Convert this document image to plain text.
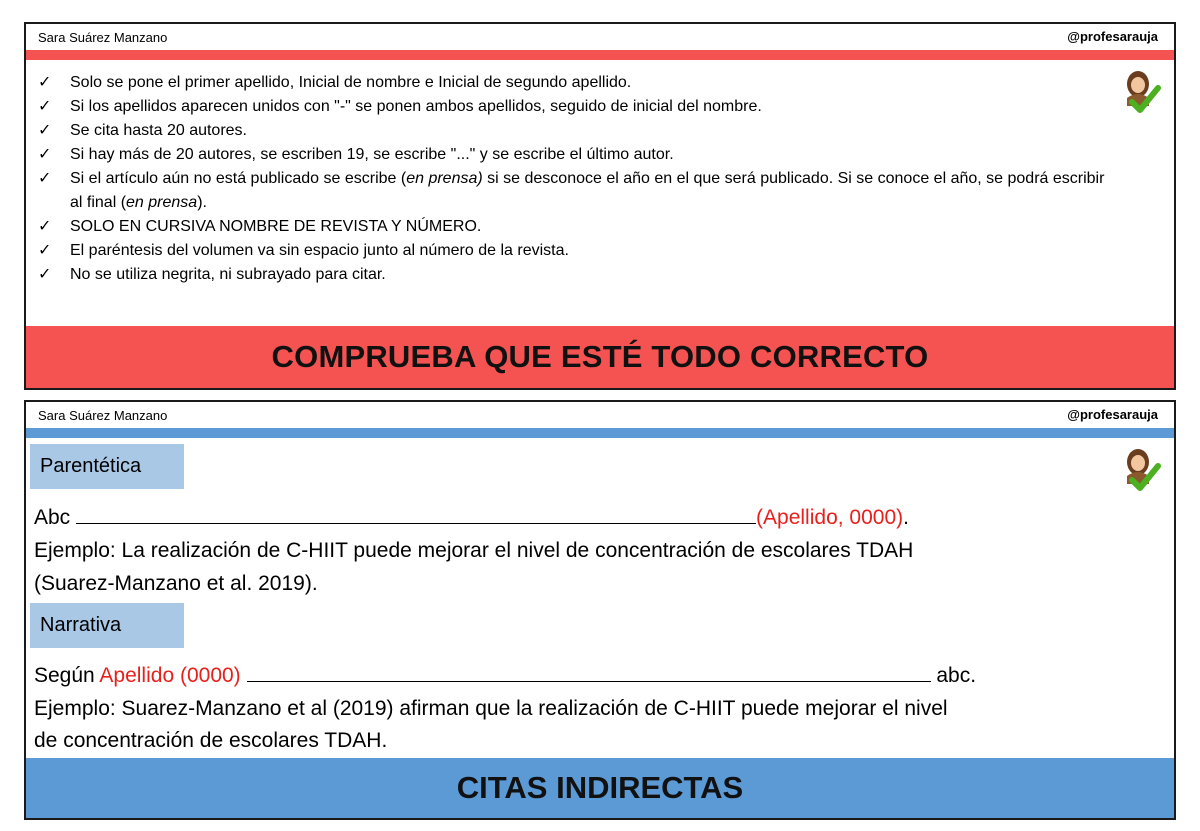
Sara Suárez Manzano	@profesarauja
✓	Solo se pone el primer apellido, Inicial de nombre e Inicial de segundo apellido.
✓	Si los apellidos aparecen unidos con "-" se ponen ambos apellidos, seguido de inicial del nombre.
✓	Se cita hasta 20 autores.
✓	Si hay más de 20 autores, se escriben 19, se escribe "..." y se escribe el último autor.
✓	Si el artículo aún no está publicado se escribe (en prensa) si se desconoce el año en el que será publicado. Si se conoce el año, se podrá escribir al final (en prensa).
✓	SOLO EN CURSIVA NOMBRE DE REVISTA Y NÚMERO.
✓	El paréntesis del volumen va sin espacio junto al número de la revista.
✓	No se utiliza negrita, ni subrayado para citar.
COMPRUEBA QUE ESTÉ TODO CORRECTO
Sara Suárez Manzano	@profesarauja
Parentética
Abc	(Apellido, 0000).
Ejemplo: La realización de C-HIIT puede mejorar el nivel de concentración de escolares TDAH
(Suarez-Manzano et al. 2019).
Narrativa
Según Apellido (0000)	abc.
Ejemplo: Suarez-Manzano et al (2019) afirman que la realización de C-HIIT puede mejorar el nivel
de concentración de escolares TDAH.
CITAS INDIRECTAS
